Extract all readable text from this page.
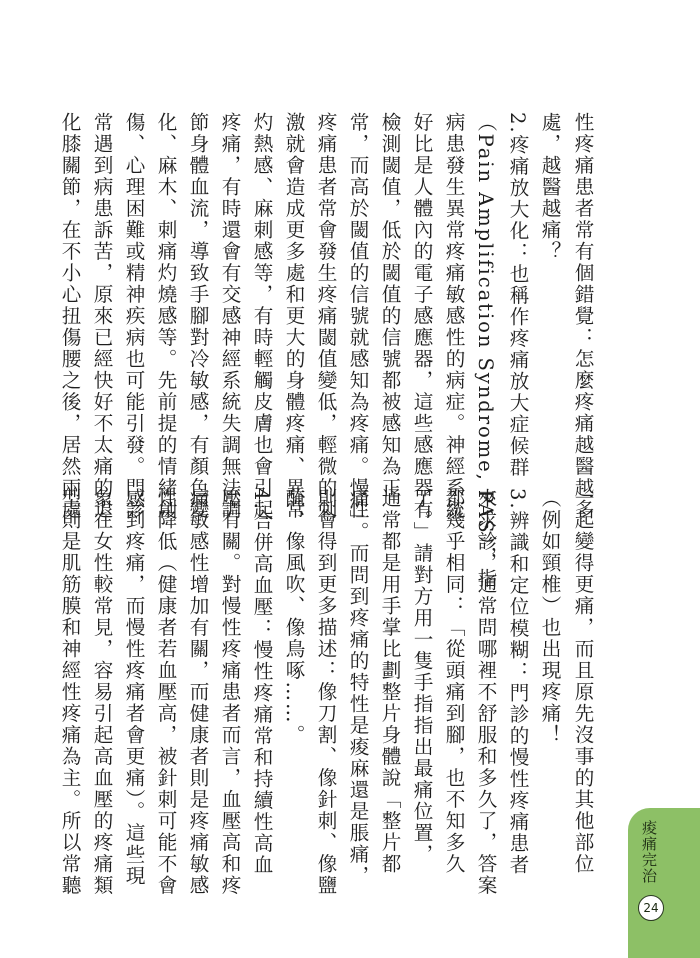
性疼痛患者常有個錯覺：怎麼疼痛越醫越多
處，越醫越痛？
2.疼痛放大化：也稱作疼痛放大症候群
（Pain Amplification Syndrome, PAS），指
病患發生異常疼痛敏感性的病症。神經系統
好比是人體內的電子感應器，這些感應器有
檢測閾值，低於閾值的信號都被感知為正
常，而高於閾值的信號就感知為疼痛。慢性
疼痛患者常會發生疼痛閾值變低，輕微的刺
激就會造成更多處和更大的身體疼痛、異常
灼熱感、麻刺感等，有時輕觸皮膚也會引起
疼痛，有時還會有交感神經系統失調無法調
節身體血流，導致手腳對冷敏感，有顏色變
化、麻木、刺痛灼燒感等。先前提的情緒創
傷、心理困難或精神疾病也可能引發。門診
常遇到病患訴苦，原來已經快好不太痛的退
化膝關節，在不小心扭傷腰之後，居然兩處
一起變得更痛，而且原先沒事的其他部位
（例如頸椎）也出現疼痛！
3.辨識和定位模糊：門診的慢性疼痛患者
來求診，通常問哪裡不舒服和多久了，答案
都幾乎相同：「從頭痛到腳，也不知多久
了。」請對方用一隻手指指出最痛位置，
通常都是用手掌比劃整片身體說「整片都
痛」。而問到疼痛的特性是痠麻還是脹痛，
則會得到更多描述：像刀割、像針刺、像鹽
醃、像風吹、像鳥啄……。
4.合併高血壓：慢性疼痛常和持續性高血
壓有關。對慢性疼痛患者而言，血壓高和疼
痛敏感性增加有關，而健康者則是疼痛敏感
性降低（健康者若血壓高，被針刺可能不會
感到疼痛，而慢性疼痛者會更痛）。這些現
象在女性較常見，容易引起高血壓的疼痛類
型則是肌筋膜和神經性疼痛為主。所以常聽	痠痛完治
24
